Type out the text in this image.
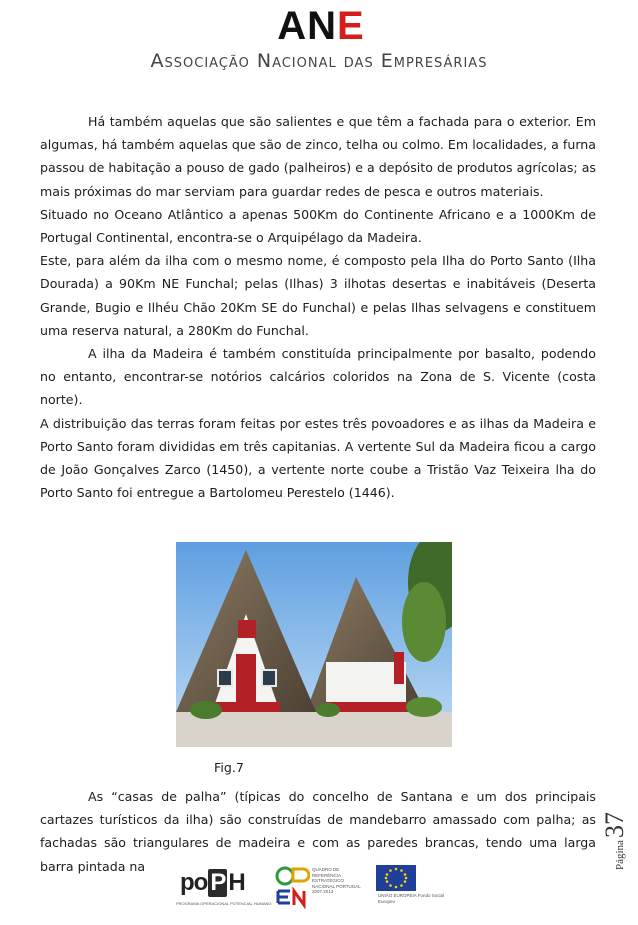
ANE
Associação Nacional das Empresárias

Há também aquelas que são salientes e que têm a fachada para o exterior. Em algumas, há também aquelas que são de zinco, telha ou colmo. Em localidades, a furna passou de habitação a pouso de gado (palheiros) e a depósito de produtos agrícolas; as mais próximas do mar serviam para guardar redes de pesca e outros materiais.

Situado no Oceano Atlântico a apenas 500Km do Continente Africano e a 1000Km de Portugal Continental, encontra-se o Arquipélago da Madeira.

Este, para além da ilha com o mesmo nome, é composto pela Ilha do Porto Santo (Ilha Dourada) a 90Km NE Funchal; pelas (Ilhas) 3 ilhotas desertas e inabitáveis (Deserta Grande, Bugio e Ilhéu Chão 20Km SE do Funchal) e pelas Ilhas selvagens e constituem uma reserva natural, a 280Km do Funchal.

A ilha da Madeira é também constituída principalmente por basalto, podendo no entanto, encontrar-se notórios calcários coloridos na Zona de S. Vicente (costa norte).

A distribuição das terras foram feitas por estes três povoadores e as ilhas da Madeira e Porto Santo foram divididas em três capitanias. A vertente Sul da Madeira ficou a cargo de João Gonçalves Zarco (1450), a vertente norte coube a Tristão Vaz Teixeira lha do Porto Santo foi entregue a Bartolomeu Perestelo (1446).

Fig.7

As “casas de palha” (típicas do concelho de Santana e um dos principais cartazes turísticos da ilha) são construídas de mandebarro amassado com palha; as fachadas são triangulares de madeira e com as paredes brancas, tendo uma larga barra pintada na	Página
37
po P H
PROGRAMA OPERACIONAL POTENCIAL HUMANO
QUADRO DE REFERÊNCIA ESTRATÉGICO NACIONAL PORTUGAL 2007.2013
UNIÃO EUROPEIA Fundo Social Europeu
